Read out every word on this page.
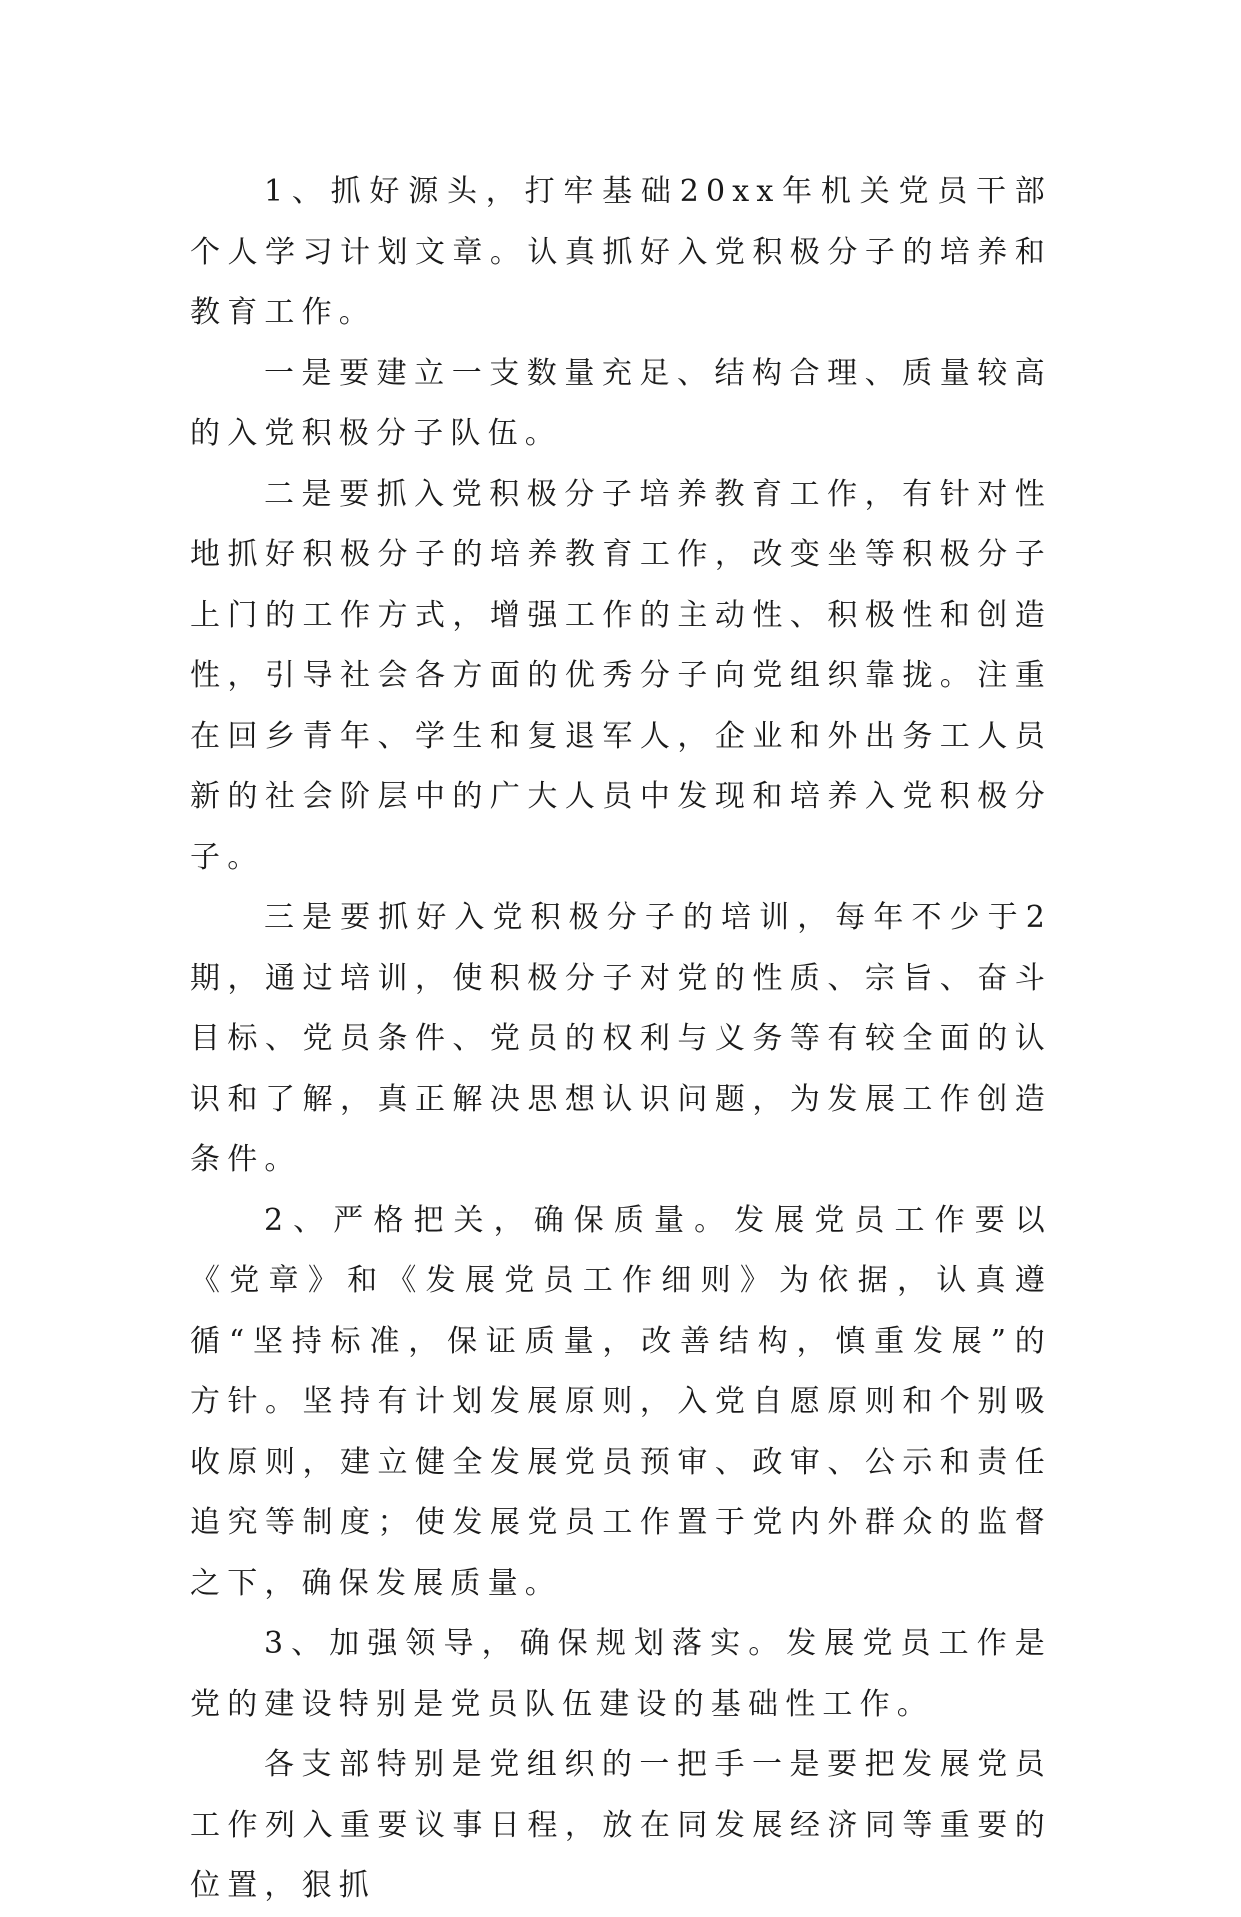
1、抓好源头，打牢基础20xx年机关党员干部个人学习计划文章。认真抓好入党积极分子的培养和教育工作。

一是要建立一支数量充足、结构合理、质量较高的入党积极分子队伍。

二是要抓入党积极分子培养教育工作，有针对性地抓好积极分子的培养教育工作，改变坐等积极分子上门的工作方式，增强工作的主动性、积极性和创造性，引导社会各方面的优秀分子向党组织靠拢。注重在回乡青年、学生和复退军人，企业和外出务工人员新的社会阶层中的广大人员中发现和培养入党积极分子。

三是要抓好入党积极分子的培训，每年不少于2期，通过培训，使积极分子对党的性质、宗旨、奋斗目标、党员条件、党员的权利与义务等有较全面的认识和了解，真正解决思想认识问题，为发展工作创造条件。

2、严格把关，确保质量。发展党员工作要以《党章》和《发展党员工作细则》为依据，认真遵循“坚持标准，保证质量，改善结构，慎重发展”的方针。坚持有计划发展原则，入党自愿原则和个别吸收原则，建立健全发展党员预审、政审、公示和责任追究等制度；使发展党员工作置于党内外群众的监督之下，确保发展质量。

3、加强领导，确保规划落实。发展党员工作是党的建设特别是党员队伍建设的基础性工作。

各支部特别是党组织的一把手一是要把发展党员工作列入重要议事日程，放在同发展经济同等重要的位置，狠抓
